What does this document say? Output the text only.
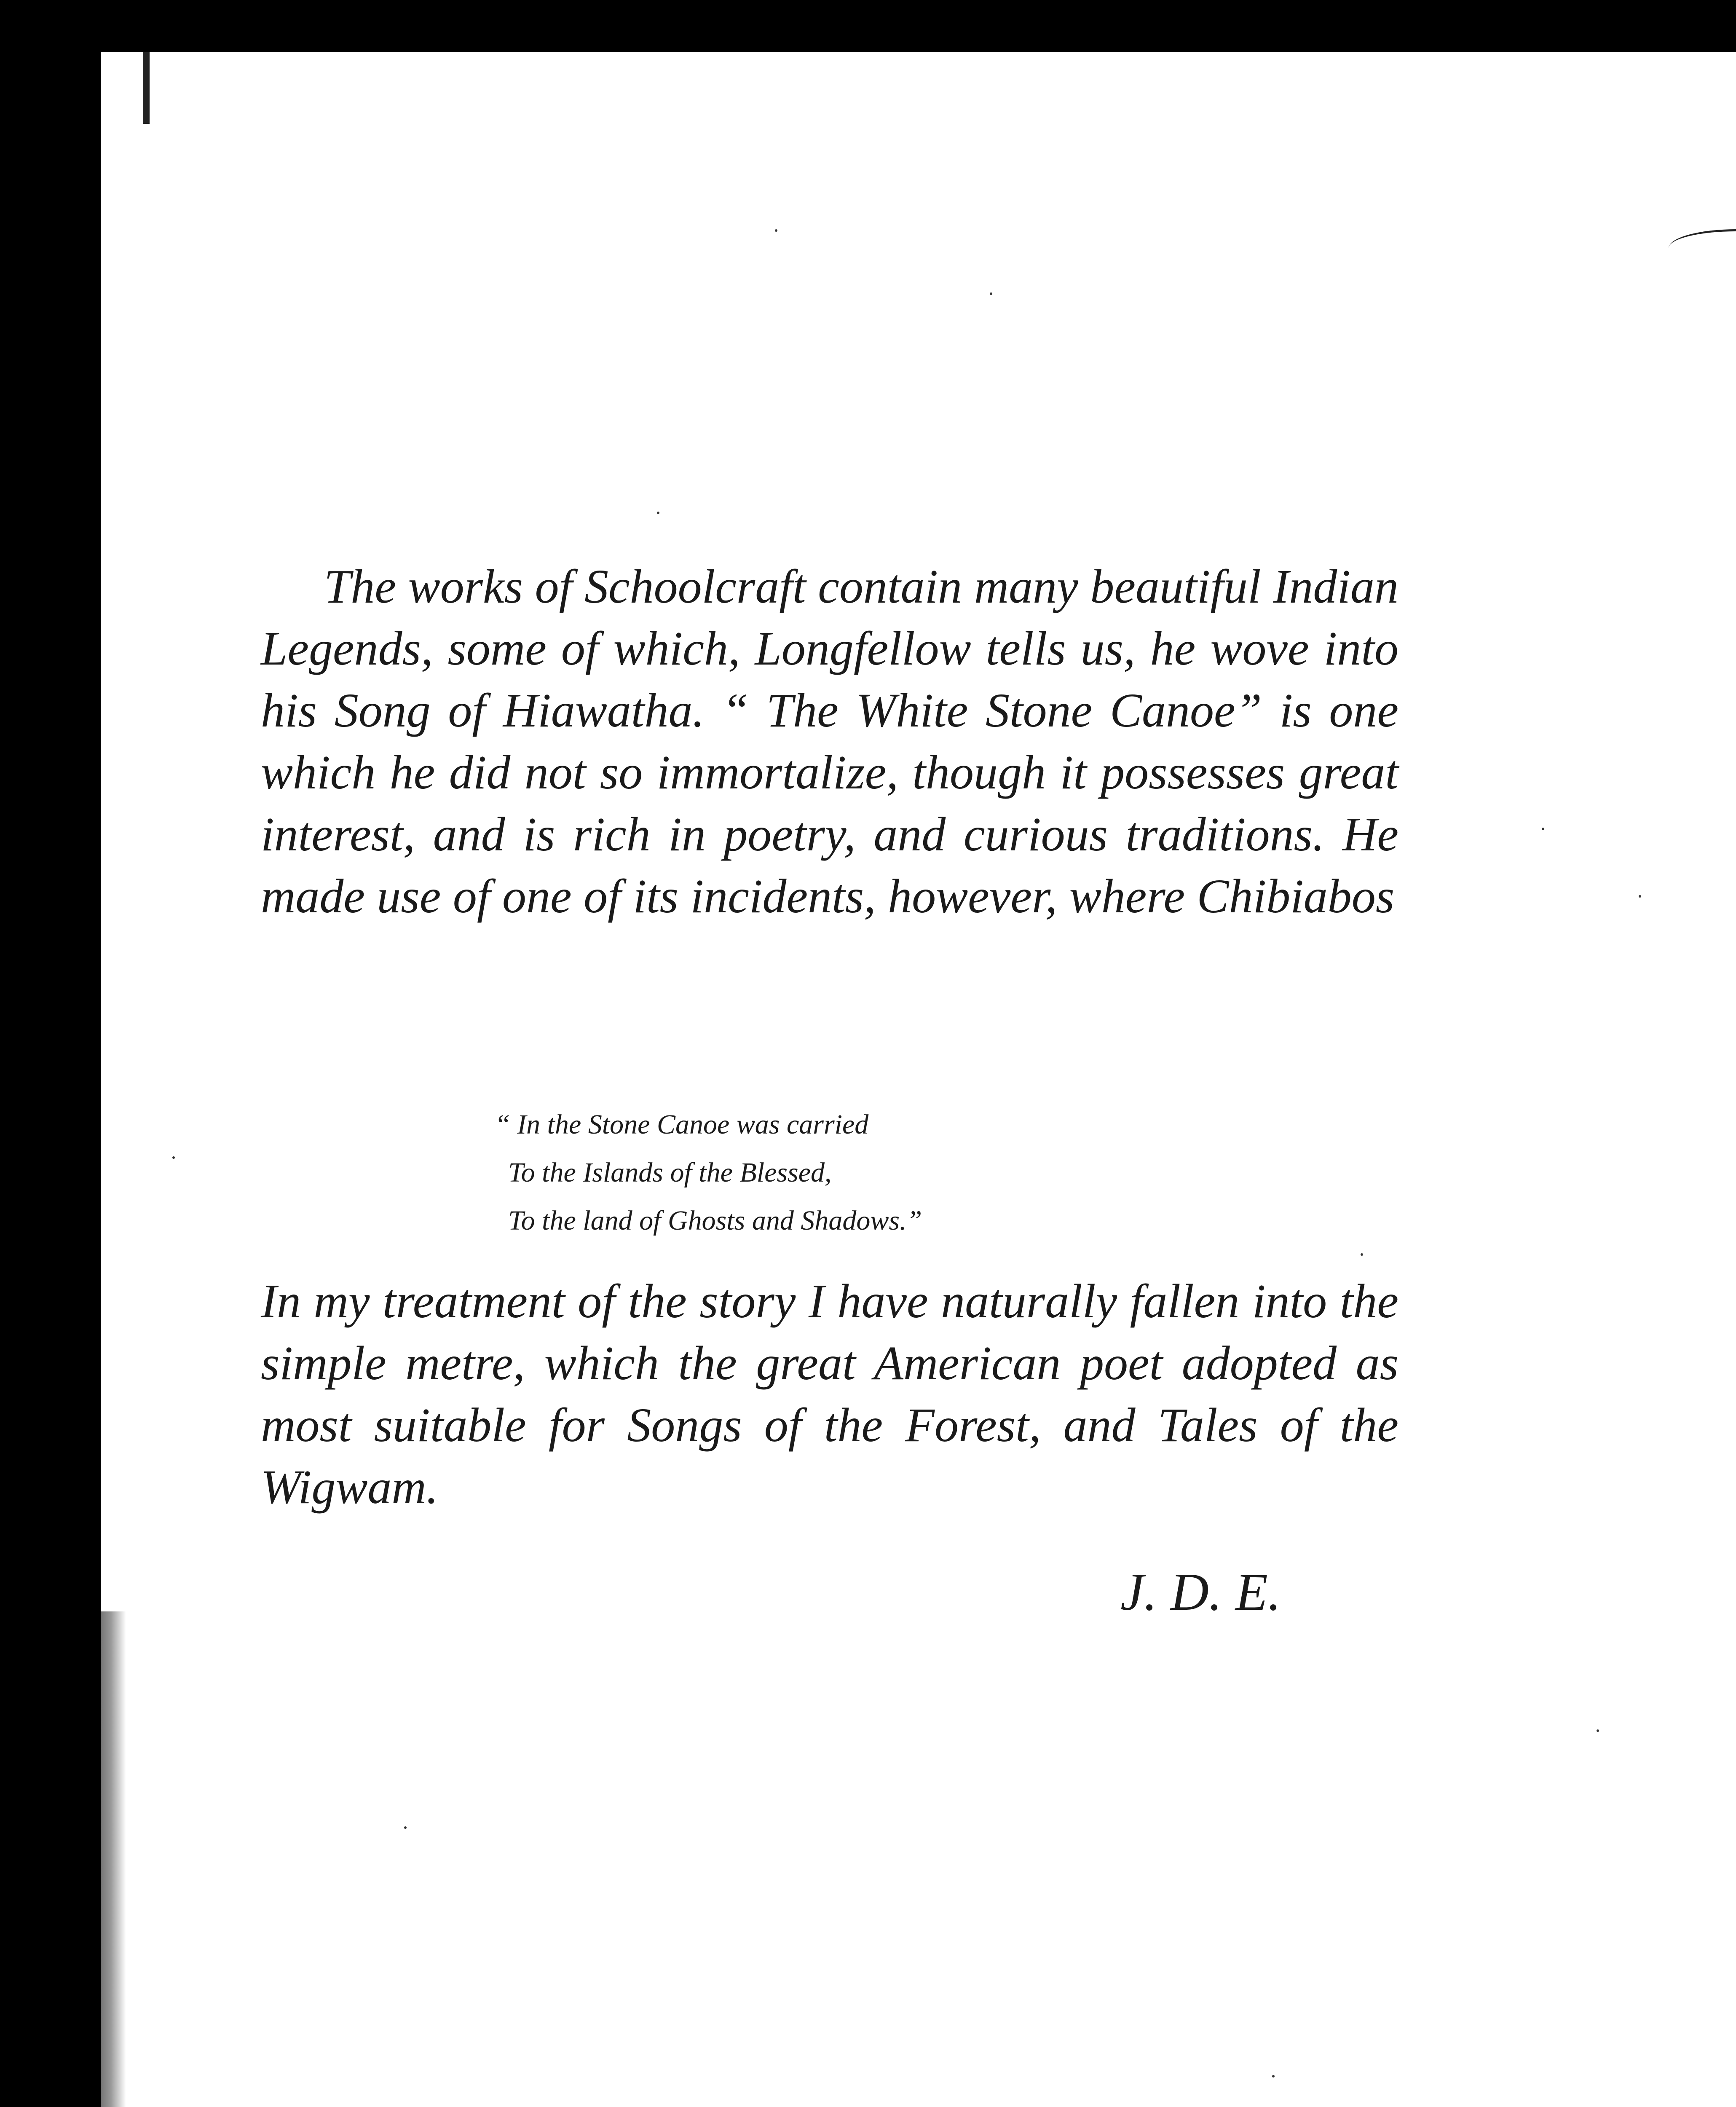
The works of Schoolcraft contain many beautiful Indian Legends, some of which, Longfellow tells us, he wove into his Song of Hiawatha. “ The White Stone Canoe” is one which he did not so immortalize, though it possesses great interest, and is rich in poetry, and curious traditions. He made use of one of its incidents, however, where Chibiabos

“ In the Stone Canoe was carried
To the Islands of the Blessed,
To the land of Ghosts and Shadows.”

In my treatment of the story I have naturally fallen into the simple metre, which the great American poet adopted as most suitable for Songs of the Forest, and Tales of the Wigwam.

J. D. E.
